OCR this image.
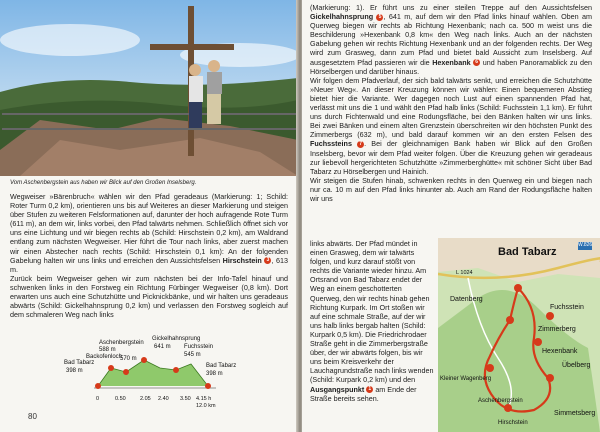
Vom Aschenbergstein aus haben wir Blick auf den Großen Inselsberg.

Wegweiser »Bärenbruch« wählen wir den Pfad geradeaus (Markierung: 1; Schild: Roter Turm 0,2 km), orientieren uns bis auf Weiteres an dieser Markierung und steigen über Stufen zu weiteren Felsformationen auf, darunter der hoch aufragende Rote Turm (611 m), an dem wir, links vorbei, den Pfad talwärts nehmen. Schließlich öffnet sich vor uns eine Lichtung und wir biegen rechts ab (Schild: Hirschstein 0,2 km), am Waldrand entlang zum nächsten Wegweiser. Hier führt die Tour nach links, aber zuerst machen wir einen Abstecher nach rechts (Schild: Hirschstein 0,1 km): An der folgenden Gabelung halten wir uns links und erreichen den Aussichtsfelsen Hirschstein 3 , 613 m.

Zurück beim Wegweiser gehen wir zum nächsten bei der Info-Tafel hinauf und schwenken links in den Forstweg ein Richtung Fürbinger Wegweiser (0,8 km). Dort erwarten uns auch eine Schutzhütte und Picknickbänke, und wir halten uns geradeaus abwärts (Schild: Gickelhahnsprung 0,2 km) und verlassen den Forstweg sogleich auf dem schmaleren Weg nach links

Aschenbergstein
588 m
Backofenloch
570 m
Gickelhahnsprung
641 m Fuchsstein
545 m
Bad Tabarz
398 m
Bad Tabarz
398 m
0	0.50	2.05 2.40 3.50 4.15 h
12.0 km
80

(Markierung: 1). Er führt uns zu einer steilen Treppe auf den Aussichtsfelsen Gickelhahnsprung 5 , 641 m, auf dem wir den Pfad links hinauf wählen. Oben am Querweg biegen wir rechts ab Richtung Hexenbank; nach ca. 500 m weist uns die Beschilderung »Hexenbank 0,8 km« den Weg nach links. Auch an der nächsten Gabelung gehen wir rechts Richtung Hexenbank und an der folgenden rechts. Der Weg wird zum Grasweg, dann zum Pfad und bietet bald Aussicht zum Inselsberg. Auf ausgesetztem Pfad passieren wir die Hexenbank 6 und haben Panoramablick zu den Hörselbergen und darüber hinaus.

Wir folgen dem Pfadverlauf, der sich bald talwärts senkt, und erreichen die Schutzhütte »Neuer Weg«. An dieser Kreuzung können wir wählen: Einen bequemeren Abstieg bietet hier die Variante. Wer dagegen noch Lust auf einen spannenden Pfad hat, verlässt mit uns die 1 und wählt den Pfad halb links (Schild: Fuchsstein 1,1 km). Er führt uns durch Fichtenwald und eine Rodungsfläche, bei den Bänken halten wir uns links. Bei zwei Bänken und einem alten Grenzstein überschreiten wir den höchsten Punkt des Zimmerbergs (632 m), und bald darauf kommen wir an den ersten Felsen des Fuchssteins 7 . Bei der gleichnamigen Bank haben wir Blick auf den Großen Inselsberg, bevor wir dem Pfad weiter folgen. Über die Kreuzung gehen wir geradeaus zur liebevoll hergerichteten Schutzhütte »Zimmerberghütte« mit schöner Sicht über Bad Tabarz zu Hörselbergen und Hainich.

Wir steigen die Stufen hinab, schwenken rechts in den Querweg ein und biegen nach nur ca. 10 m auf den Pfad links hinunter ab. Auch am Rand der Rodungsfläche halten wir uns

links abwärts. Der Pfad mündet in einen Grasweg, dem wir talwärts folgen, und kurz darauf stößt von rechts die Variante wieder hinzu. Am Ortsrand von Bad Tabarz endet der Weg an einem geschotterten Querweg, den wir rechts hinab gehen Richtung Kurpark. Im Ort stoßen wir auf eine schmale Straße, auf der wir uns halb links bergab halten (Schild: Kurpark 0,5 km). Die Friedrichrodaer Straße geht in die Zimmerbergstraße über, der wir abwärts folgen, bis wir uns beim Kreisverkehr der Lauchagrundstraße nach links wenden (Schild: Kurpark 0,2 km) und den Ausgangspunkt 1 am Ende der Straße bereits sehen.

Bad Tabarz
Datenberg
Fuchsstein
Zimmerberg
Hexenbank
Übelberg
Simmetsberg
Kleiner Wagenberg
Aschenbergstein
Hirschstein
L 1024
W.826
